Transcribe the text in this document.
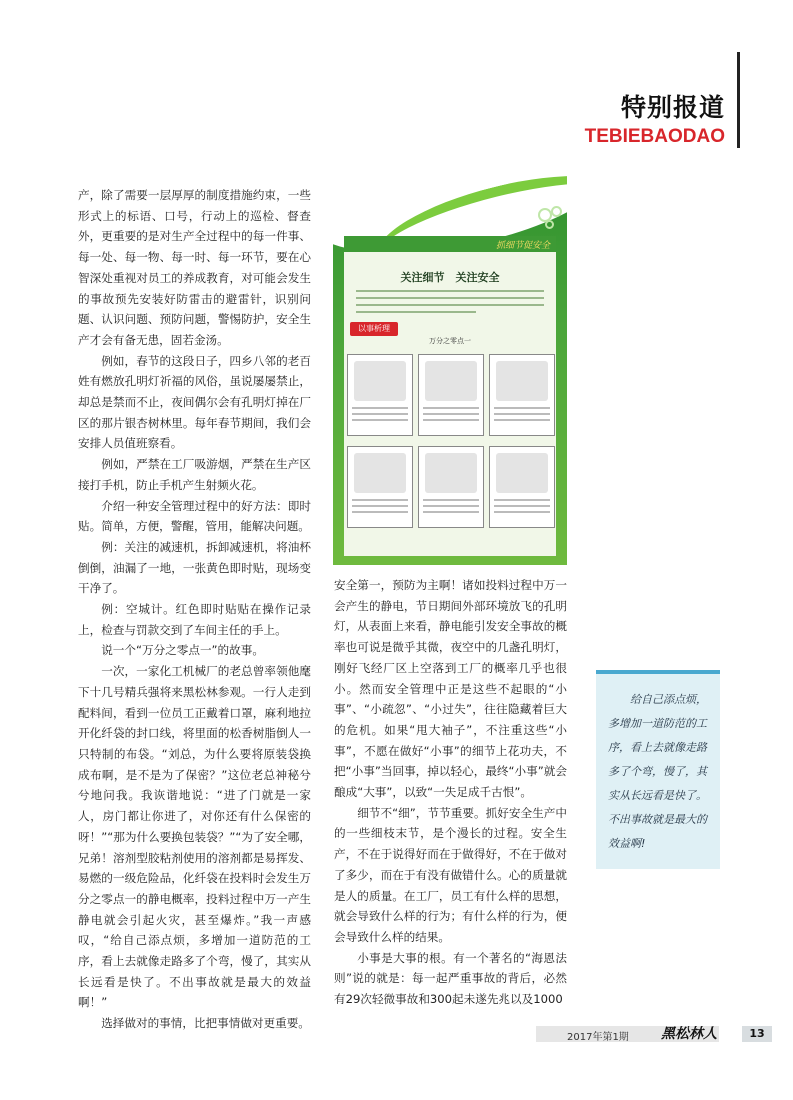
特别报道
TEBIEBAODAO

产，除了需要一层厚厚的制度措施约束，一些形式上的标语、口号，行动上的巡检、督查外，更重要的是对生产全过程中的每一件事、每一处、每一物、每一时、每一环节，要在心智深处重视对员工的养成教育，对可能会发生的事故预先安装好防雷击的避雷针，识别问题、认识问题、预防问题，警惕防护，安全生产才会有备无患，固若金汤。

例如，春节的这段日子，四乡八邻的老百姓有燃放孔明灯祈福的风俗，虽说屡屡禁止，却总是禁而不止，夜间偶尔会有孔明灯掉在厂区的那片银杏树林里。每年春节期间，我们会安排人员值班察看。

例如，严禁在工厂吸游烟，严禁在生产区接打手机，防止手机产生射频火花。

介绍一种安全管理过程中的好方法：即时贴。简单，方便，警醒，管用，能解决问题。

例：关注的减速机，拆卸减速机，将油杯倒倒，油漏了一地，一张黄色即时贴，现场变干净了。

例：空城计。红色即时贴贴在操作记录上，检查与罚款交到了车间主任的手上。

说一个“万分之零点一”的故事。

一次，一家化工机械厂的老总曾率领他麾下十几号精兵强将来黑松林参观。一行人走到配料间，看到一位员工正戴着口罩，麻利地拉开化纤袋的封口线，将里面的松香树脂倒人一只特制的布袋。“刘总，为什么要将原装袋换成布啊，是不是为了保密？”这位老总神秘兮兮地问我。我诙谐地说：“进了门就是一家人，房门都让你进了，对你还有什么保密的呀！”“那为什么要换包装袋？”“为了安全哪，兄弟！溶剂型胶粘剂使用的溶剂都是易挥发、易燃的一级危险品，化纤袋在投料时会发生万分之零点一的静电概率，投料过程中万一产生静电就会引起火灾，甚至爆炸。”我一声感叹，“给自己添点烦，多增加一道防范的工序，看上去就像走路多了个弯，慢了，其实从长远看是快了。不出事故就是最大的效益啊！”

选择做对的事情，比把事情做对更重要。

抓细节促安全
关注细节　关注安全
以事析理
万分之零点一

安全第一，预防为主啊！诸如投料过程中万一会产生的静电，节日期间外部环境放飞的孔明灯，从表面上来看，静电能引发安全事故的概率也可说是微乎其微，夜空中的几盏孔明灯，刚好飞经厂区上空落到工厂的概率几乎也很小。然而安全管理中正是这些不起眼的“小事”、“小疏忽”、“小过失”，往往隐藏着巨大的危机。如果“甩大袖子”，不注重这些“小事”，不愿在做好“小事”的细节上花功夫，不把“小事”当回事，掉以轻心，最终“小事”就会酿成“大事”，以致“一失足成千古恨”。

细节不“细”，节节重要。抓好安全生产中的一些细枝末节，是个漫长的过程。安全生产，不在于说得好而在于做得好，不在于做对了多少，而在于有没有做错什么。心的质量就是人的质量。在工厂，员工有什么样的思想，就会导致什么样的行为；有什么样的行为，便会导致什么样的结果。

小事是大事的根。有一个著名的“海恩法则”说的就是：每一起严重事故的背后，必然有29次轻微事故和300起未遂先兆以及1000

给自己添点烦，多增加一道防范的工序，看上去就像走路多了个弯，慢了，其实从长远看是快了。不出事故就是最大的效益啊!
2017年第1期 黑松林人	13
